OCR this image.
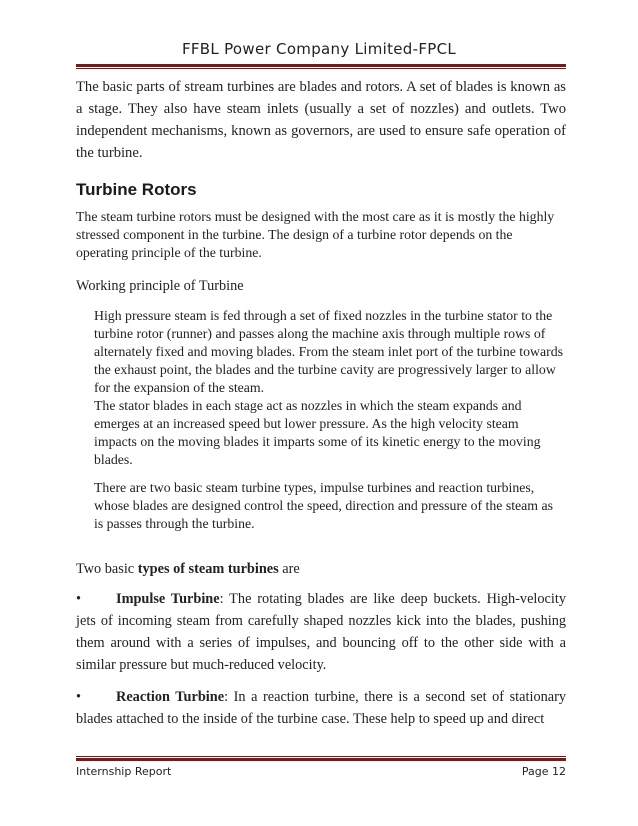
FFBL Power Company Limited-FPCL

The basic parts of stream turbines are blades and rotors. A set of blades is known as a stage. They also have steam inlets (usually a set of nozzles) and outlets. Two independent mechanisms, known as governors, are used to ensure safe operation of the turbine.

Turbine Rotors

The steam turbine rotors must be designed with the most care as it is mostly the highly stressed component in the turbine. The design of a turbine rotor depends on the operating principle of the turbine.

Working principle of Turbine

High pressure steam is fed through a set of fixed nozzles in the turbine stator to the turbine rotor (runner) and passes along the machine axis through multiple rows of alternately fixed and moving blades. From the steam inlet port of the turbine towards the exhaust point, the blades and the turbine cavity are progressively larger to allow for the expansion of the steam.

The stator blades in each stage act as nozzles in which the steam expands and emerges at an increased speed but lower pressure. As the high velocity steam impacts on the moving blades it imparts some of its kinetic energy to the moving blades.

There are two basic steam turbine types, impulse turbines and reaction turbines, whose blades are designed control the speed, direction and pressure of the steam as is passes through the turbine.

Two basic types of steam turbines are

• Impulse Turbine: The rotating blades are like deep buckets. High-velocity jets of incoming steam from carefully shaped nozzles kick into the blades, pushing them around with a series of impulses, and bouncing off to the other side with a similar pressure but much-reduced velocity.

• Reaction Turbine: In a reaction turbine, there is a second set of stationary blades attached to the inside of the turbine case. These help to speed up and direct

Internship Report	Page 12
